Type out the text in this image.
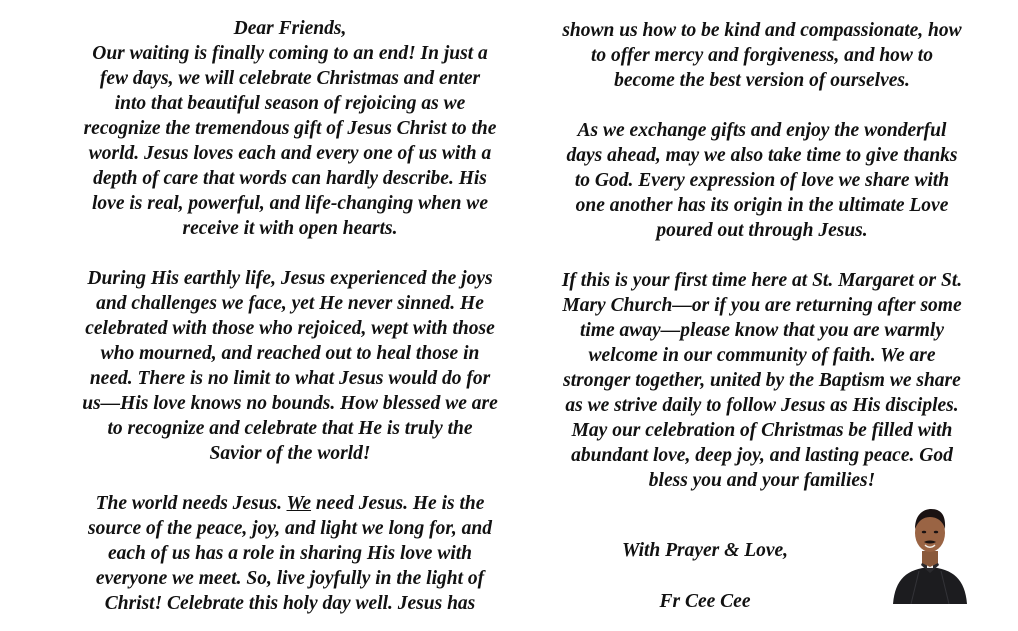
Dear Friends,
Our waiting is finally coming to an end! In just a
few days, we will celebrate Christmas and enter
into that beautiful season of rejoicing as we
recognize the tremendous gift of Jesus Christ to the
world. Jesus loves each and every one of us with a
depth of care that words can hardly describe. His
love is real, powerful, and life-changing when we
receive it with open hearts.
During His earthly life, Jesus experienced the joys
and challenges we face, yet He never sinned. He
celebrated with those who rejoiced, wept with those
who mourned, and reached out to heal those in
need. There is no limit to what Jesus would do for
us—His love knows no bounds. How blessed we are
to recognize and celebrate that He is truly the
Savior of the world!
The world needs Jesus. We need Jesus. He is the
source of the peace, joy, and light we long for, and
each of us has a role in sharing His love with
everyone we meet. So, live joyfully in the light of
Christ! Celebrate this holy day well. Jesus has
shown us how to be kind and compassionate, how
to offer mercy and forgiveness, and how to
become the best version of ourselves.
As we exchange gifts and enjoy the wonderful
days ahead, may we also take time to give thanks
to God. Every expression of love we share with
one another has its origin in the ultimate Love
poured out through Jesus.
If this is your first time here at St. Margaret or St.
Mary Church—or if you are returning after some
time away—please know that you are warmly
welcome in our community of faith. We are
stronger together, united by the Baptism we share
as we strive daily to follow Jesus as His disciples.
May our celebration of Christmas be filled with
abundant love, deep joy, and lasting peace. God
bless you and your families!
With Prayer & Love,
Fr Cee Cee
